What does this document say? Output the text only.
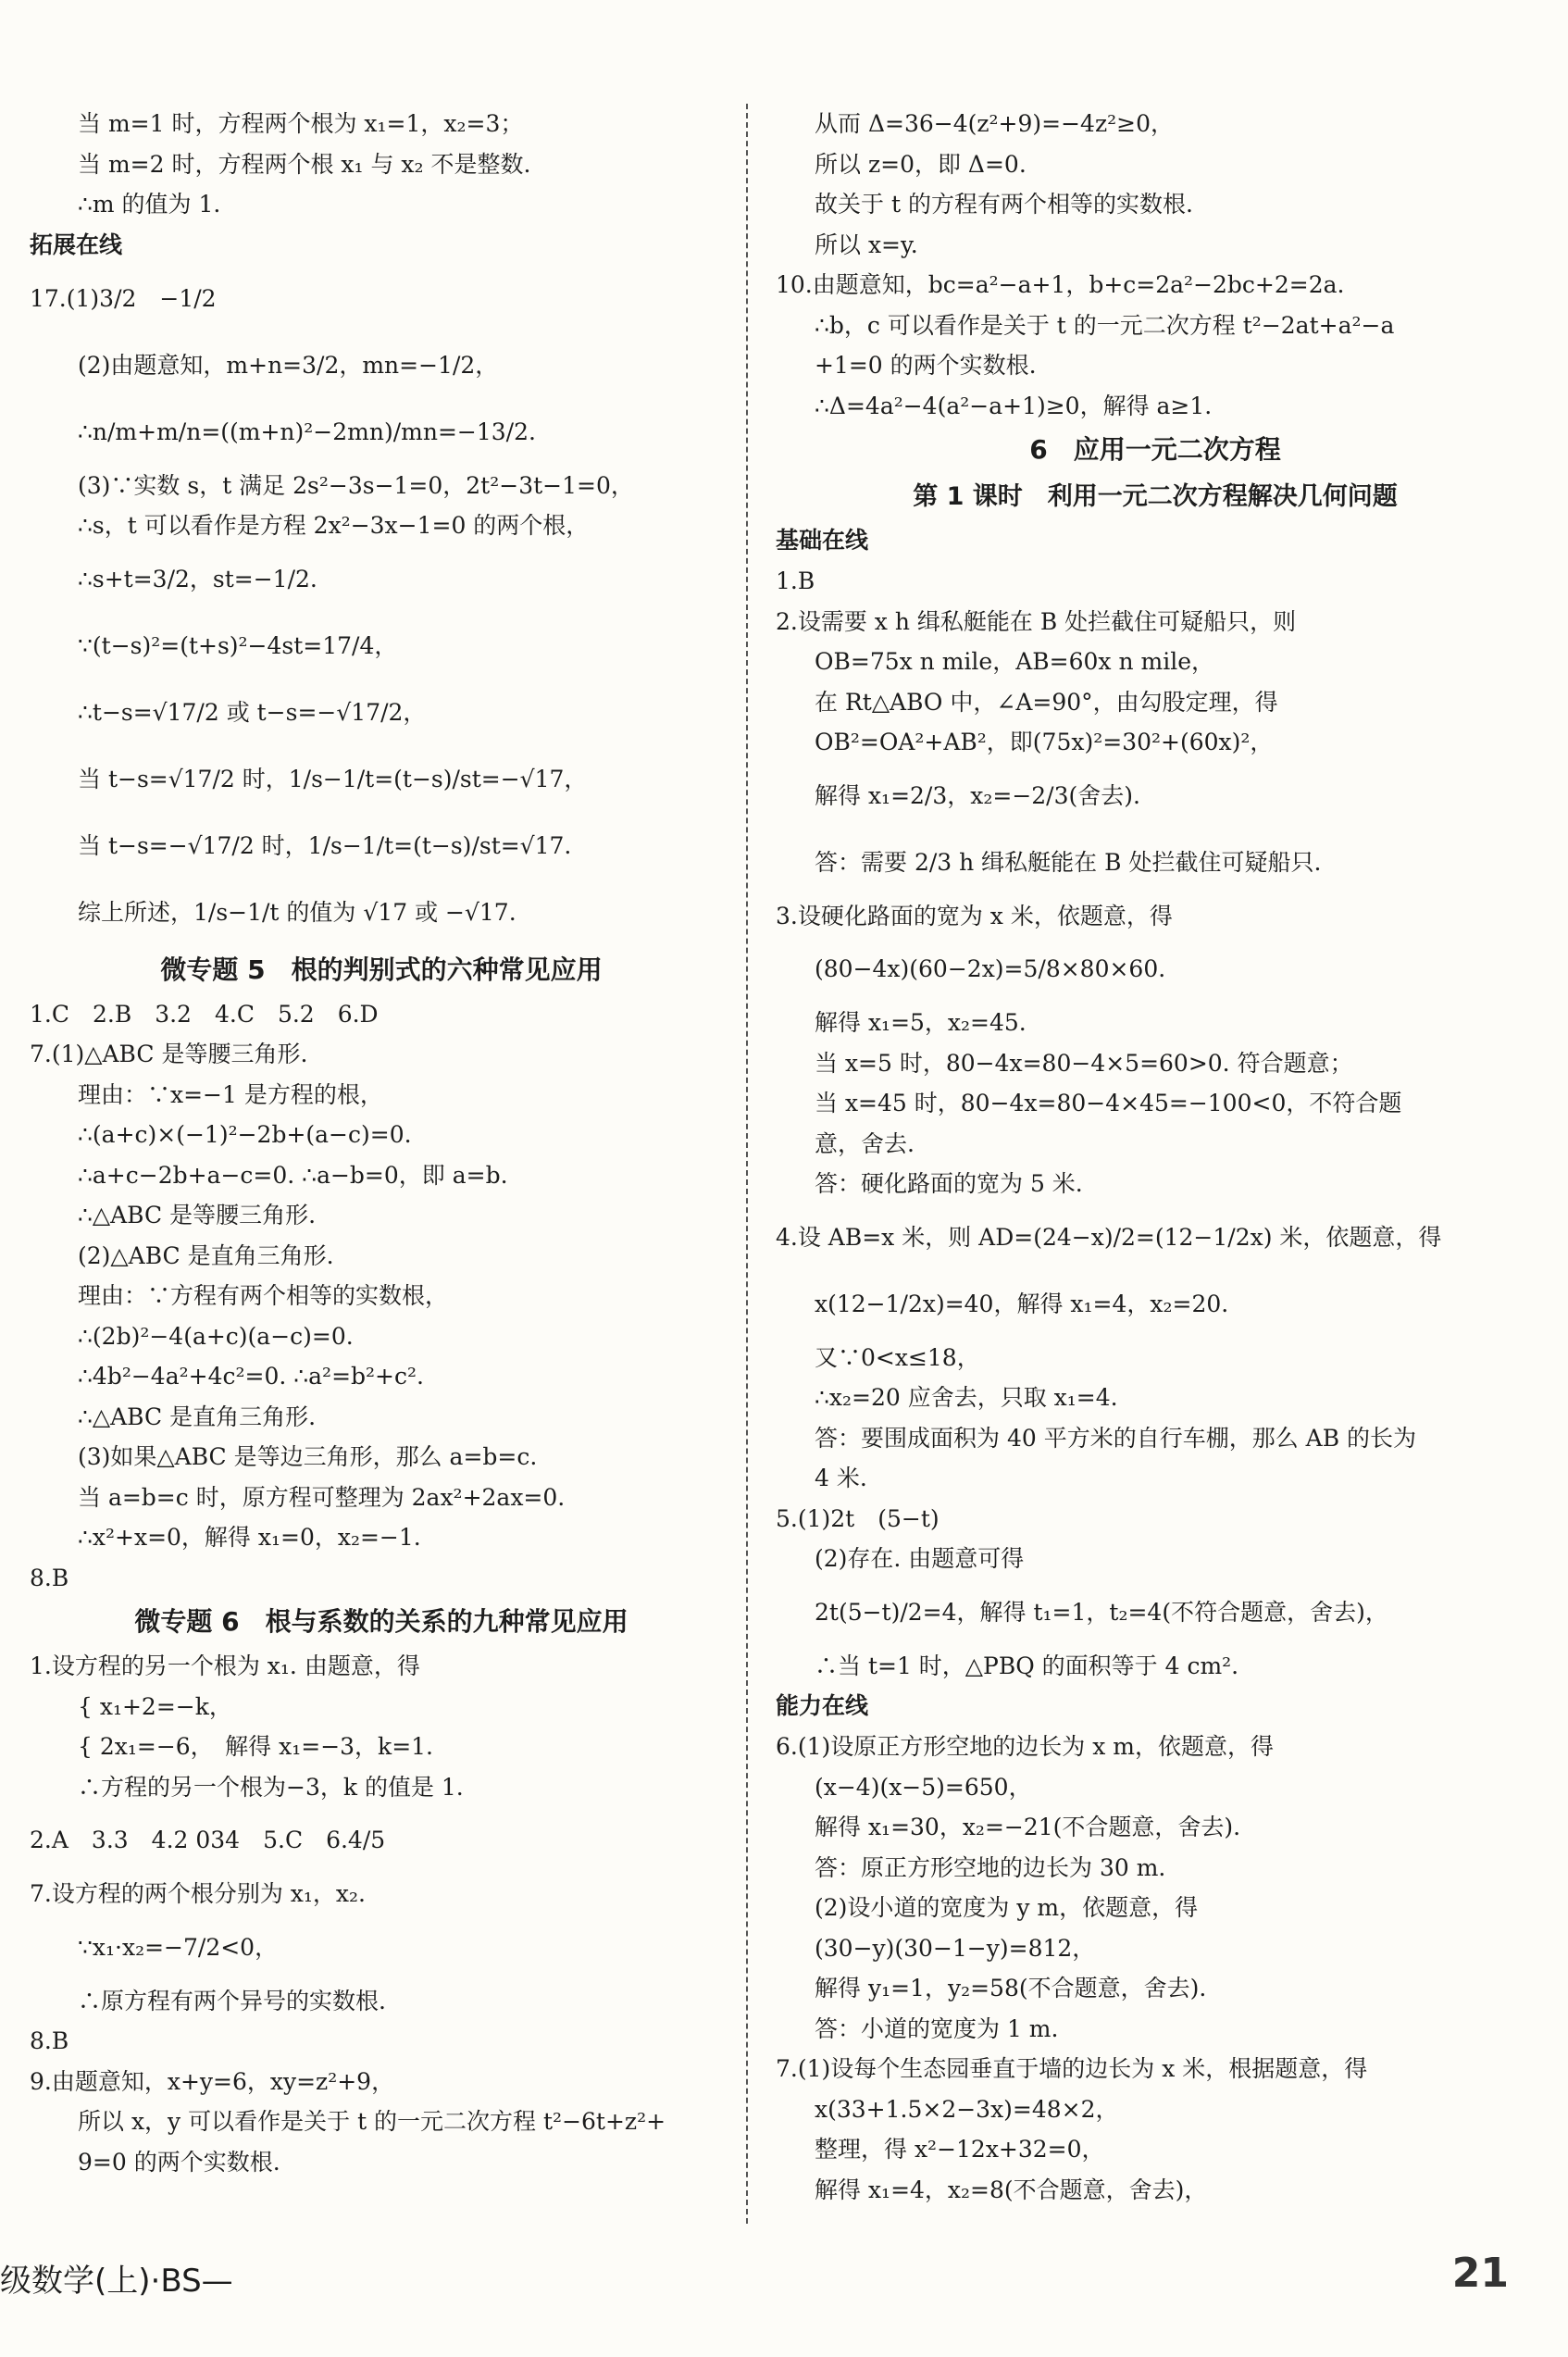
当 m=1 时，方程两个根为 x₁=1，x₂=3；
当 m=2 时，方程两个根 x₁ 与 x₂ 不是整数.
∴m 的值为 1.
拓展在线
17.(1)3/2　−1/2
(2)由题意知，m+n=3/2，mn=−1/2，
∴n/m+m/n=((m+n)²−2mn)/mn=−13/2.
(3)∵实数 s，t 满足 2s²−3s−1=0，2t²−3t−1=0，
∴s，t 可以看作是方程 2x²−3x−1=0 的两个根，
∴s+t=3/2，st=−1/2.
∵(t−s)²=(t+s)²−4st=17/4，
∴t−s=√17/2 或 t−s=−√17/2，
当 t−s=√17/2 时，1/s−1/t=(t−s)/st=−√17，
当 t−s=−√17/2 时，1/s−1/t=(t−s)/st=√17.
综上所述，1/s−1/t 的值为 √17 或 −√17.
微专题 5　根的判别式的六种常见应用
1.C　2.B　3.2　4.C　5.2　6.D
7.(1)△ABC 是等腰三角形.
理由：∵x=−1 是方程的根，
∴(a+c)×(−1)²−2b+(a−c)=0.
∴a+c−2b+a−c=0. ∴a−b=0，即 a=b.
∴△ABC 是等腰三角形.
(2)△ABC 是直角三角形.
理由：∵方程有两个相等的实数根，
∴(2b)²−4(a+c)(a−c)=0.
∴4b²−4a²+4c²=0. ∴a²=b²+c².
∴△ABC 是直角三角形.
(3)如果△ABC 是等边三角形，那么 a=b=c.
当 a=b=c 时，原方程可整理为 2ax²+2ax=0.
∴x²+x=0，解得 x₁=0，x₂=−1.
8.B
微专题 6　根与系数的关系的九种常见应用
1.设方程的另一个根为 x₁. 由题意，得
{ x₁+2=−k，
{ 2x₁=−6，　解得 x₁=−3，k=1.
∴方程的另一个根为−3，k 的值是 1.
2.A　3.3　4.2 034　5.C　6.4/5
7.设方程的两个根分别为 x₁，x₂.
∵x₁·x₂=−7/2<0，
∴原方程有两个异号的实数根.
8.B
9.由题意知，x+y=6，xy=z²+9，
所以 x，y 可以看作是关于 t 的一元二次方程 t²−6t+z²+
9=0 的两个实数根.
从而 Δ=36−4(z²+9)=−4z²≥0，
所以 z=0，即 Δ=0.
故关于 t 的方程有两个相等的实数根.
所以 x=y.
10.由题意知，bc=a²−a+1，b+c=2a²−2bc+2=2a.
∴b，c 可以看作是关于 t 的一元二次方程 t²−2at+a²−a
+1=0 的两个实数根.
∴Δ=4a²−4(a²−a+1)≥0，解得 a≥1.
6　应用一元二次方程
第 1 课时　利用一元二次方程解决几何问题
基础在线
1.B
2.设需要 x h 缉私艇能在 B 处拦截住可疑船只，则
OB=75x n mile，AB=60x n mile，
在 Rt△ABO 中，∠A=90°，由勾股定理，得
OB²=OA²+AB²，即(75x)²=30²+(60x)²，
解得 x₁=2/3，x₂=−2/3(舍去).
答：需要 2/3 h 缉私艇能在 B 处拦截住可疑船只.
3.设硬化路面的宽为 x 米，依题意，得
(80−4x)(60−2x)=5/8×80×60.
解得 x₁=5，x₂=45.
当 x=5 时，80−4x=80−4×5=60>0. 符合题意；
当 x=45 时，80−4x=80−4×45=−100<0，不符合题
意，舍去.
答：硬化路面的宽为 5 米.
4.设 AB=x 米，则 AD=(24−x)/2=(12−1/2x) 米，依题意，得
x(12−1/2x)=40，解得 x₁=4，x₂=20.
又∵0<x≤18，
∴x₂=20 应舍去，只取 x₁=4.
答：要围成面积为 40 平方米的自行车棚，那么 AB 的长为
4 米.
5.(1)2t　(5−t)
(2)存在. 由题意可得
2t(5−t)/2=4，解得 t₁=1，t₂=4(不符合题意，舍去)，
∴当 t=1 时，△PBQ 的面积等于 4 cm².
能力在线
6.(1)设原正方形空地的边长为 x m，依题意，得
(x−4)(x−5)=650，
解得 x₁=30，x₂=−21(不合题意，舍去).
答：原正方形空地的边长为 30 m.
(2)设小道的宽度为 y m，依题意，得
(30−y)(30−1−y)=812，
解得 y₁=1，y₂=58(不合题意，舍去).
答：小道的宽度为 1 m.
7.(1)设每个生态园垂直于墙的边长为 x 米，根据题意，得
x(33+1.5×2−3x)=48×2，
整理，得 x²−12x+32=0，
解得 x₁=4，x₂=8(不合题意，舍去)，
级数学(上)·BS—	21
